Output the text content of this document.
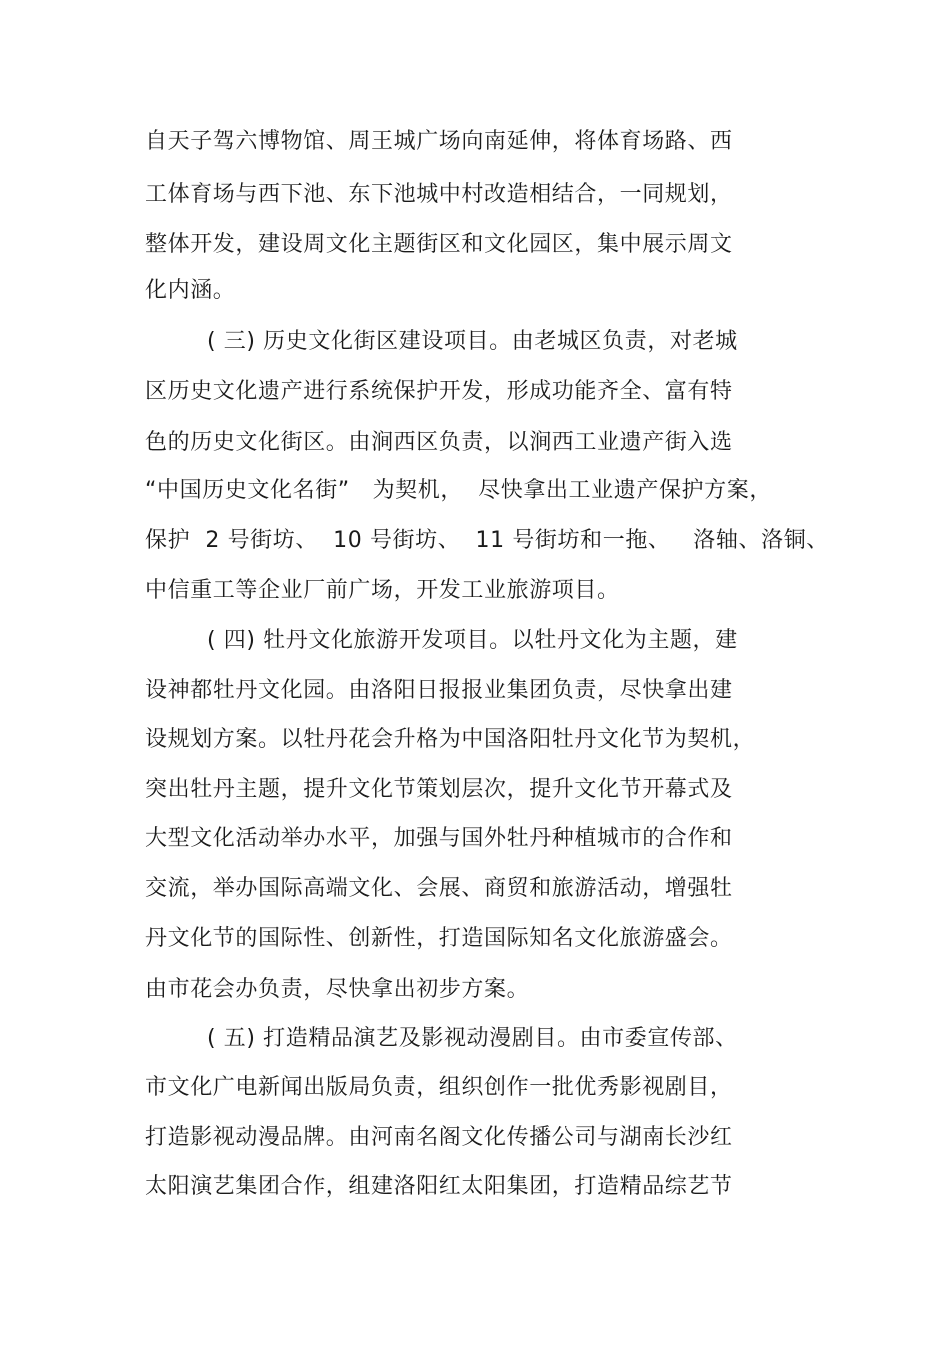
自天子驾六博物馆、周王城广场向南延伸，将体育场路、西
工体育场与西下池、东下池城中村改造相结合，一同规划，
整体开发，建设周文化主题街区和文化园区，集中展示周文
化内涵。
( 三) 历史文化街区建设项目。由老城区负责，对老城
区历史文化遗产进行系统保护开发，形成功能齐全、富有特
色的历史文化街区。由涧西区负责，以涧西工业遗产街入选
“中国历史文化名街”   为契机，  尽快拿出工业遗产保护方案，
保护  2 号街坊、  10 号街坊、  11 号街坊和一拖、   洛轴、洛铜、
中信重工等企业厂前广场，开发工业旅游项目。
( 四) 牡丹文化旅游开发项目。以牡丹文化为主题，建
设神都牡丹文化园。由洛阳日报报业集团负责，尽快拿出建
设规划方案。以牡丹花会升格为中国洛阳牡丹文化节为契机，
突出牡丹主题，提升文化节策划层次，提升文化节开幕式及
大型文化活动举办水平，加强与国外牡丹种植城市的合作和
交流，举办国际高端文化、会展、商贸和旅游活动，增强牡
丹文化节的国际性、创新性，打造国际知名文化旅游盛会。
由市花会办负责，尽快拿出初步方案。
( 五) 打造精品演艺及影视动漫剧目。由市委宣传部、
市文化广电新闻出版局负责，组织创作一批优秀影视剧目，
打造影视动漫品牌。由河南名阁文化传播公司与湖南长沙红
太阳演艺集团合作，组建洛阳红太阳集团，打造精品综艺节
